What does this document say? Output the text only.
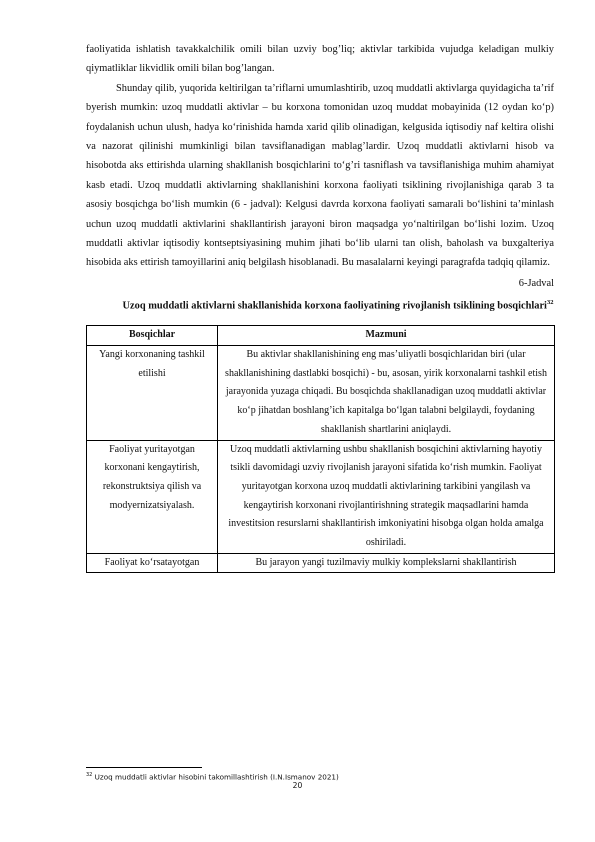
faoliyatida ishlatish tavakkalchilik omili bilan uzviy bog’liq; aktivlar tarkibida vujudga keladigan mulkiy qiymatliklar likvidlik omili bilan bog’langan.

Shunday qilib, yuqorida keltirilgan ta’riflarni umumlashtirib, uzoq muddatli aktivlarga quyidagicha ta’rif byerish mumkin: uzoq muddatli aktivlar – bu korxona tomonidan uzoq muddat mobayinida (12 oydan ko‘p) foydalanish uchun ulush, hadya ko‘rinishida hamda xarid qilib olinadigan, kelgusida iqtisodiy naf keltira olishi va nazorat qilinishi mumkinligi bilan tavsiflanadigan mablag’lardir. Uzoq muddatli aktivlarni hisob va hisobotda aks ettirishda ularning shakllanish bosqichlarini to‘g’ri tasniflash va tavsiflanishiga muhim ahamiyat kasb etadi. Uzoq muddatli aktivlarning shakllanishini korxona faoliyati tsiklining rivojlanishiga qarab 3 ta asosiy bosqichga bo‘lish mumkin (6 - jadval): Kelgusi davrda korxona faoliyati samarali bo‘lishini ta’minlash uchun uzoq muddatli aktivlarini shakllantirish jarayoni biron maqsadga yo‘naltirilgan bo‘lishi lozim. Uzoq muddatli aktivlar iqtisodiy kontseptsiyasining muhim jihati bo‘lib ularni tan olish, baholash va buxgalteriya hisobida aks ettirish tamoyillarini aniq belgilash hisoblanadi. Bu masalalarni keyingi paragrafda tadqiq qilamiz.

6-Jadval
Uzoq muddatli aktivlarni shakllanishida korxona faoliyatining rivojlanish tsiklining bosqichlari$^{32}$
Bosqichlar	Mazmuni
Yangi korxonaning tashkil etilishi	Bu aktivlar shakllanishining eng mas’uliyatli bosqichlaridan biri (ular shakllanishining dastlabki bosqichi) - bu, asosan, yirik korxonalarni tashkil etish jarayonida yuzaga chiqadi. Bu bosqichda shakllanadigan uzoq muddatli aktivlar ko‘p jihatdan boshlang’ich kapitalga bo‘lgan talabni belgilaydi, foydaning shakllanish shartlarini aniqlaydi.
Faoliyat yuritayotgan korxonani kengaytirish, rekonstruktsiya qilish va modyernizatsiyalash.	Uzoq muddatli aktivlarning ushbu shakllanish bosqichini aktivlarning hayotiy tsikli davomidagi uzviy rivojlanish jarayoni sifatida ko‘rish mumkin. Faoliyat yuritayotgan korxona uzoq muddatli aktivlarining tarkibini yangilash va kengaytirish korxonani rivojlantirishning strategik maqsadlarini hamda investitsion resurslarni shakllantirish imkoniyatini hisobga olgan holda amalga oshiriladi.
Faoliyat ko‘rsatayotgan	Bu jarayon yangi tuzilmaviy mulkiy komplekslarni shakllantirish
$^{32}$ Uzoq muddatli aktivlar hisobini takomillashtirish (I.N.Ismanov 2021)
20
